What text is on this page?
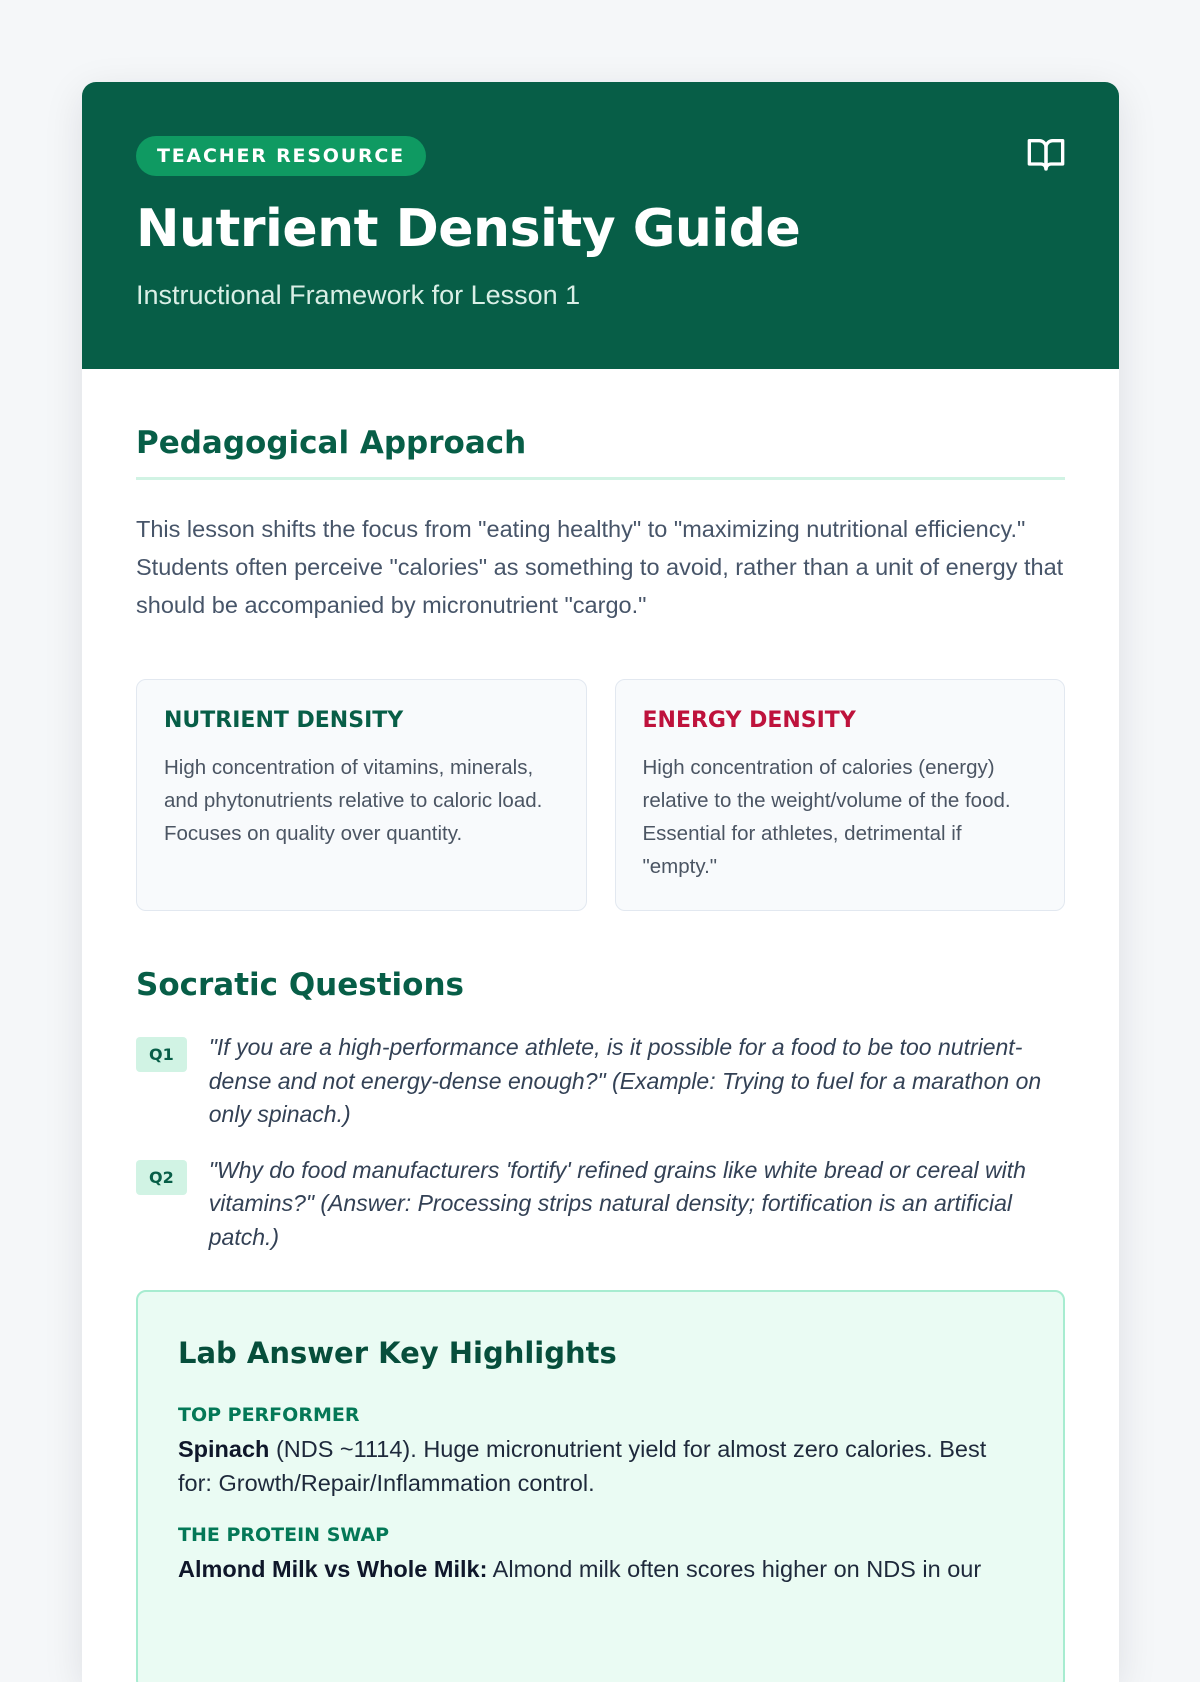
TEACHER RESOURCE
Nutrient Density Guide

Instructional Framework for Lesson 1

Pedagogical Approach

This lesson shifts the focus from "eating healthy" to "maximizing nutritional efficiency." Students often perceive "calories" as something to avoid, rather than a unit of energy that should be accompanied by micronutrient "cargo."

NUTRIENT DENSITY

High concentration of vitamins, minerals, and phytonutrients relative to caloric load. Focuses on quality over quantity.

ENERGY DENSITY

High concentration of calories (energy) relative to the weight/volume of the food. Essential for athletes, detrimental if "empty."

Socratic Questions
Q1	"If you are a high-performance athlete, is it possible for a food to be too nutrient-dense and not energy-dense enough?" (Example: Trying to fuel for a marathon on only spinach.)
Q2	"Why do food manufacturers 'fortify' refined grains like white bread or cereal with vitamins?" (Answer: Processing strips natural density; fortification is an artificial patch.)
Lab Answer Key Highlights
TOP PERFORMER

Spinach (NDS ~1114). Huge micronutrient yield for almost zero calories. Best for: Growth/Repair/Inflammation control.

THE PROTEIN SWAP

Almond Milk vs Whole Milk: Almond milk often scores higher on NDS in our
